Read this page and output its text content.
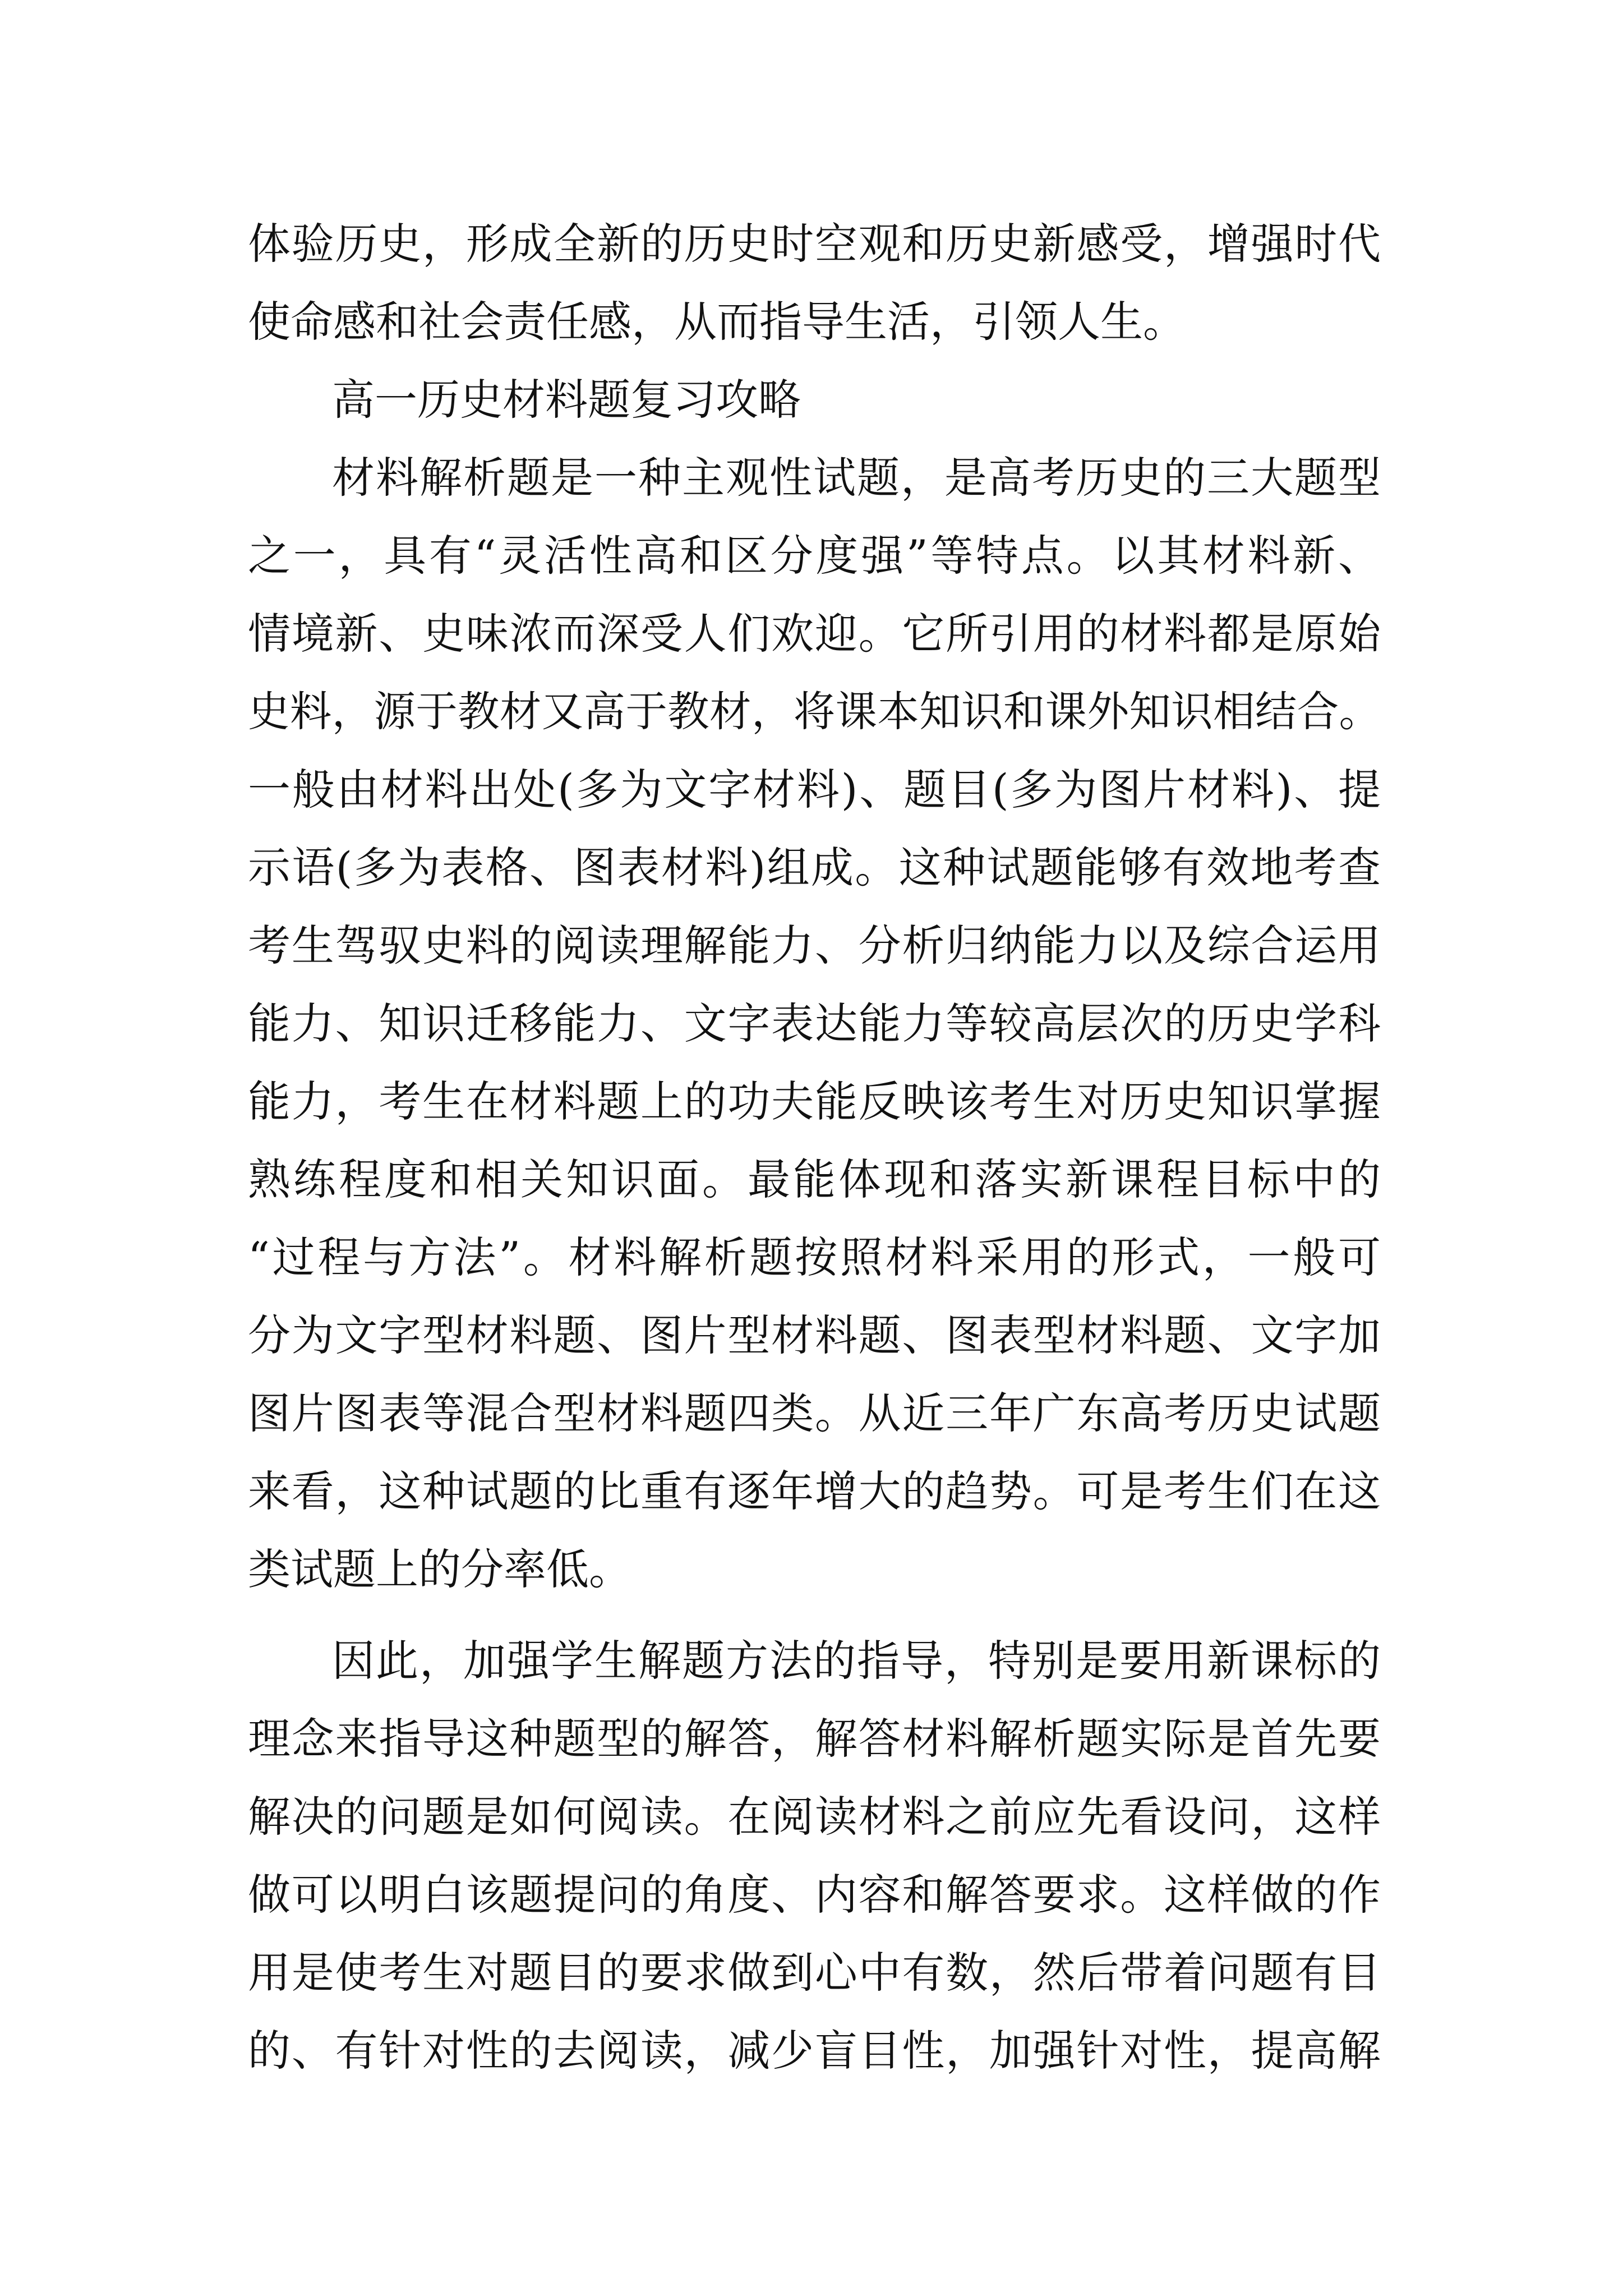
体验历史，形成全新的历史时空观和历史新感受，增强时代
使命感和社会责任感，从而指导生活，引领人生。
高一历史材料题复习攻略
材料解析题是一种主观性试题，是高考历史的三大题型
之一，具有“灵活性高和区分度强”等特点。以其材料新、
情境新、史味浓而深受人们欢迎。它所引用的材料都是原始
史料，源于教材又高于教材，将课本知识和课外知识相结合。
一般由材料出处(多为文字材料)、题目(多为图片材料)、提
示语(多为表格、图表材料)组成。这种试题能够有效地考查
考生驾驭史料的阅读理解能力、分析归纳能力以及综合运用
能力、知识迁移能力、文字表达能力等较高层次的历史学科
能力，考生在材料题上的功夫能反映该考生对历史知识掌握
熟练程度和相关知识面。最能体现和落实新课程目标中的
“过程与方法”。材料解析题按照材料采用的形式，一般可
分为文字型材料题、图片型材料题、图表型材料题、文字加
图片图表等混合型材料题四类。从近三年广东高考历史试题
来看，这种试题的比重有逐年增大的趋势。可是考生们在这
类试题上的分率低。
因此，加强学生解题方法的指导，特别是要用新课标的
理念来指导这种题型的解答，解答材料解析题实际是首先要
解决的问题是如何阅读。在阅读材料之前应先看设问，这样
做可以明白该题提问的角度、内容和解答要求。这样做的作
用是使考生对题目的要求做到心中有数，然后带着问题有目
的、有针对性的去阅读，减少盲目性，加强针对性，提高解
